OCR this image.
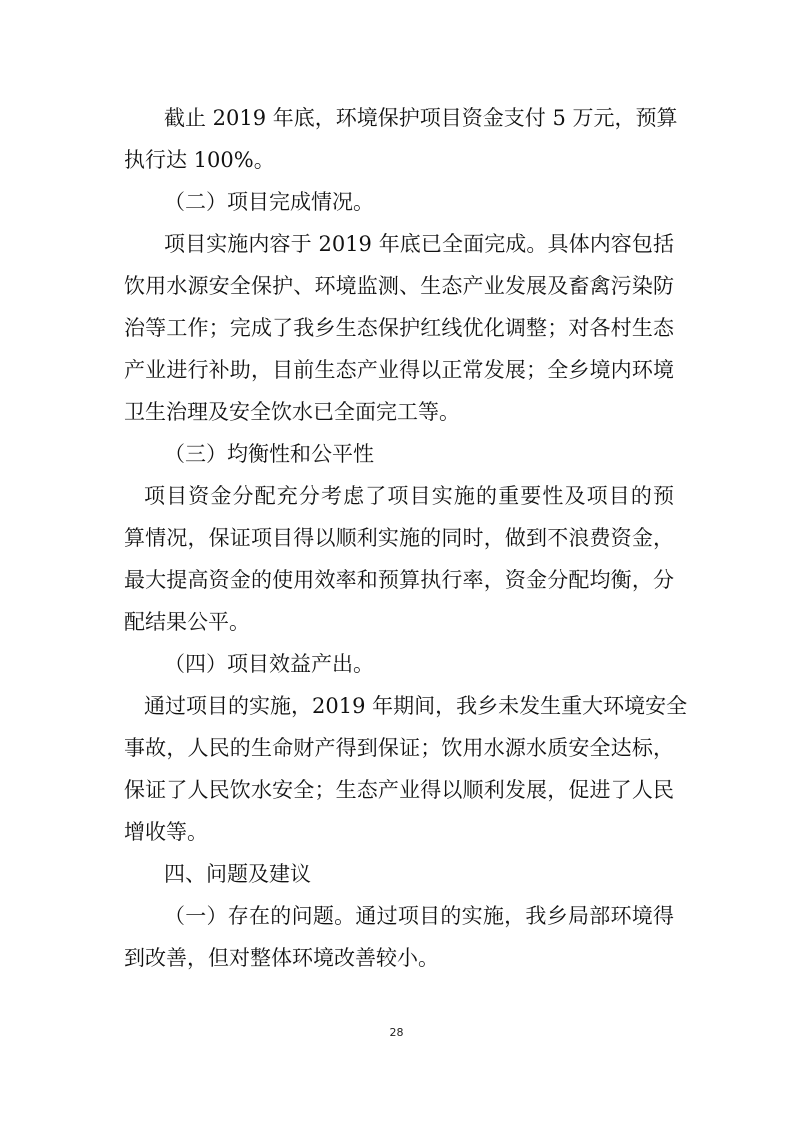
截止 2019 年底，环境保护项目资金支付 5 万元，预算
执行达 100%。
（二）项目完成情况。
项目实施内容于 2019 年底已全面完成。具体内容包括
饮用水源安全保护、环境监测、生态产业发展及畜禽污染防
治等工作；完成了我乡生态保护红线优化调整；对各村生态
产业进行补助，目前生态产业得以正常发展；全乡境内环境
卫生治理及安全饮水已全面完工等。
（三）均衡性和公平性
项目资金分配充分考虑了项目实施的重要性及项目的预
算情况，保证项目得以顺利实施的同时，做到不浪费资金，
最大提高资金的使用效率和预算执行率，资金分配均衡，分
配结果公平。
（四）项目效益产出。
通过项目的实施，2019 年期间，我乡未发生重大环境安全
事故，人民的生命财产得到保证；饮用水源水质安全达标，
保证了人民饮水安全；生态产业得以顺利发展，促进了人民
增收等。
四、问题及建议
（一）存在的问题。通过项目的实施，我乡局部环境得
到改善，但对整体环境改善较小。
28
